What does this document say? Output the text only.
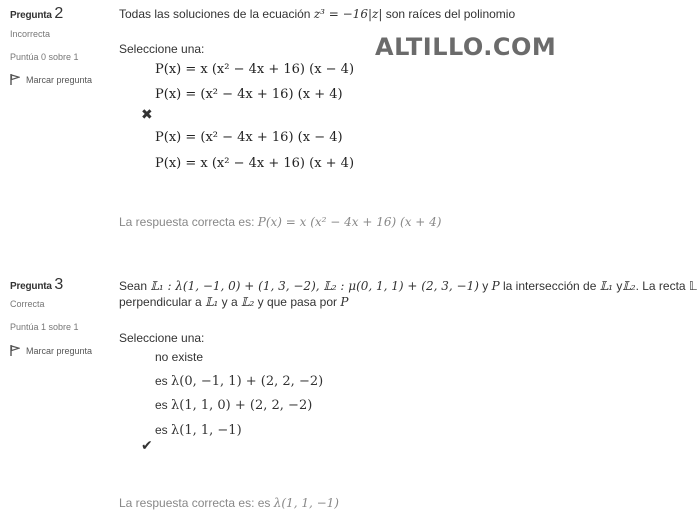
ALTILLO.COM
Pregunta 2
Incorrecta
Puntúa 0 sobre 1
Marcar pregunta
Todas las soluciones de la ecuación z³ = −16|z| son raíces del polinomio
Seleccione una:
P(x) = x (x² − 4x + 16) (x − 4)
P(x) = (x² − 4x + 16) (x + 4)
✖
P(x) = (x² − 4x + 16) (x − 4)
P(x) = x (x² − 4x + 16) (x + 4)
La respuesta correcta es: P(x) = x (x² − 4x + 16) (x + 4)
Pregunta 3
Correcta
Puntúa 1 sobre 1
Marcar pregunta
Sean 𝕃₁ : λ(1, −1, 0) + (1, 3, −2), 𝕃₂ : μ(0, 1, 1) + (2, 3, −1) y P la intersección de 𝕃₁ y𝕃₂. La recta 𝕃
perpendicular a 𝕃₁ y a 𝕃₂ y que pasa por P
Seleccione una:
no existe
es λ(0, −1, 1) + (2, 2, −2)
es λ(1, 1, 0) + (2, 2, −2)
es λ(1, 1, −1)
✔
La respuesta correcta es: es λ(1, 1, −1)
